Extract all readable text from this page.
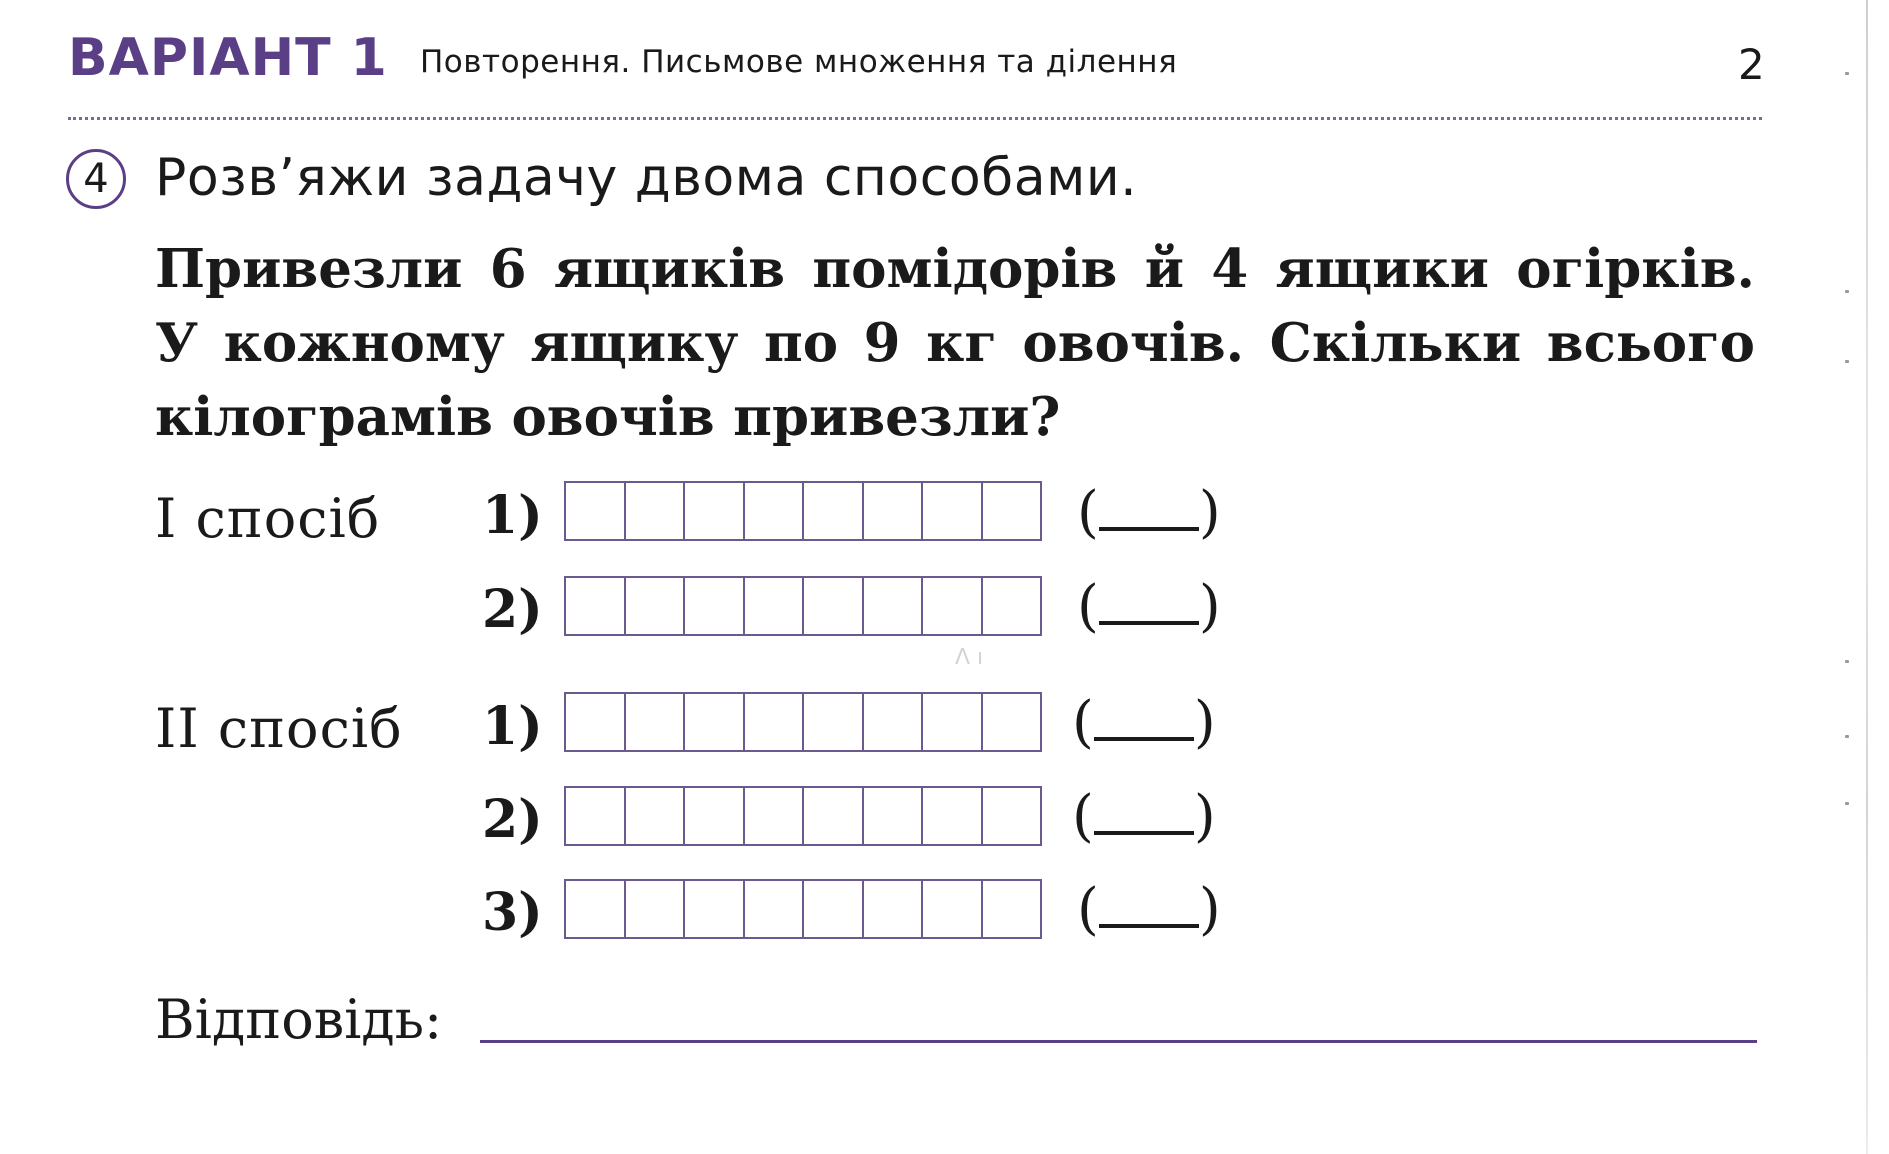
ВАРІАНТ 1 Повторення. Письмове множення та ділення	2
4 Розв’яжи задачу двома способами.
Привезли 6 ящиків помідорів й 4 ящики огірків.
У кожному ящику по 9 кг овочів. Скільки всього
кілограмів овочів привезли?
I спосіб 1)	( )
2)	( )
ꓥ ı
II спосіб 1)	( )
2)	( )
3)	( )
Відповідь:
